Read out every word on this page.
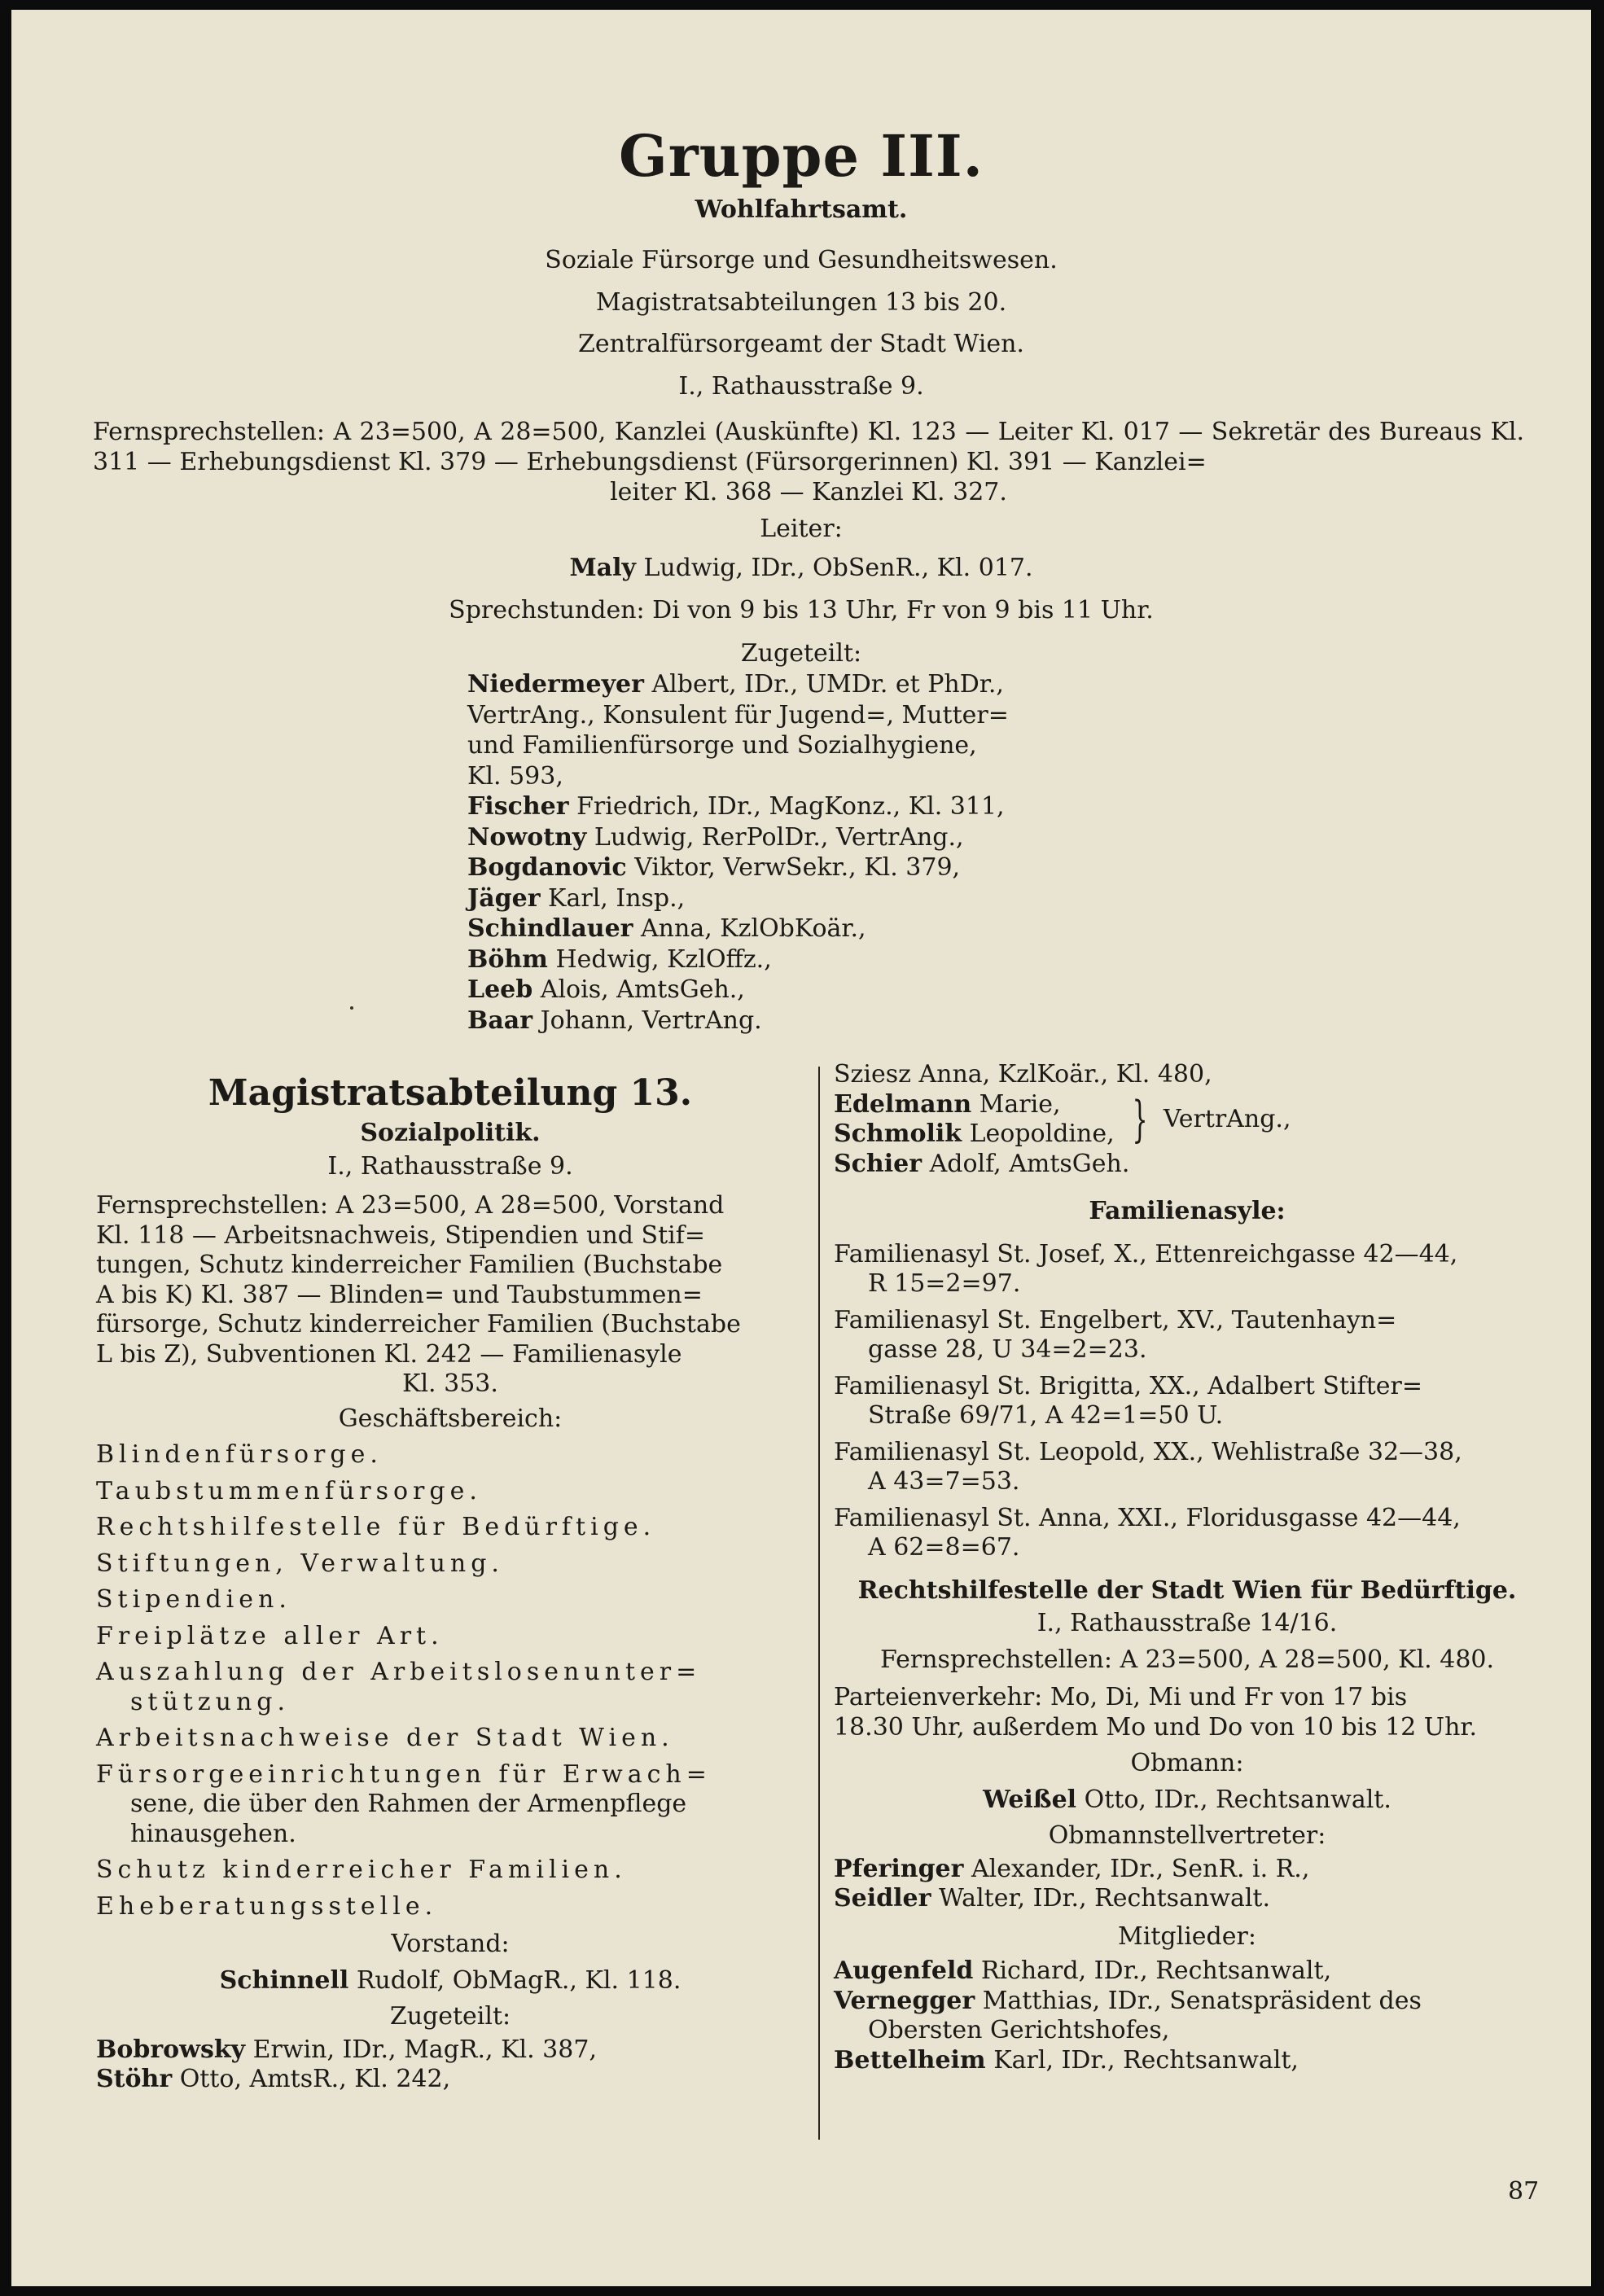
Gruppe III.
Wohlfahrtsamt.
Soziale Fürsorge und Gesundheitswesen.
Magistratsabteilungen 13 bis 20.
Zentralfürsorgeamt der Stadt Wien.
I., Rathausstraße 9.
Fernsprechstellen: A 23=500, A 28=500, Kanzlei (Auskünfte) Kl. 123 — Leiter Kl. 017 — Sekretär des Bureaus Kl. 311 — Erhebungsdienst Kl. 379 — Erhebungsdienst (Fürsorgerinnen) Kl. 391 — Kanzlei=
leiter Kl. 368 — Kanzlei Kl. 327.
Leiter:
Maly Ludwig, IDr., ObSenR., Kl. 017.
Sprechstunden: Di von 9 bis 13 Uhr, Fr von 9 bis 11 Uhr.
Zugeteilt:
Niedermeyer Albert, IDr., UMDr. et PhDr.,
VertrAng., Konsulent für Jugend=, Mutter=
und Familienfürsorge und Sozialhygiene,
Kl. 593,
Fischer Friedrich, IDr., MagKonz., Kl. 311,
Nowotny Ludwig, RerPolDr., VertrAng.,
Bogdanovic Viktor, VerwSekr., Kl. 379,
Jäger Karl, Insp.,
Schindlauer Anna, KzlObKoär.,
Böhm Hedwig, KzlOffz.,
Leeb Alois, AmtsGeh.,
Baar Johann, VertrAng.
Magistratsabteilung 13.
Sozialpolitik.
I., Rathausstraße 9.
Fernsprechstellen: A 23=500, A 28=500, Vorstand
Kl. 118 — Arbeitsnachweis, Stipendien und Stif=
tungen, Schutz kinderreicher Familien (Buchstabe
A bis K) Kl. 387 — Blinden= und Taubstummen=
fürsorge, Schutz kinderreicher Familien (Buchstabe
L bis Z), Subventionen Kl. 242 — Familienasyle
Kl. 353.
Geschäftsbereich:
Blindenfürsorge.
Taubstummenfürsorge.
Rechtshilfestelle für Bedürftige.
Stiftungen, Verwaltung.
Stipendien.
Freiplätze aller Art.
Auszahlung der Arbeitslosenunter=
stützung.
Arbeitsnachweise der Stadt Wien.
Fürsorgeeinrichtungen für Erwach=
sene, die über den Rahmen der Armenpflege
hinausgehen.
Schutz kinderreicher Familien.
Eheberatungsstelle.
Vorstand:
Schinnell Rudolf, ObMagR., Kl. 118.
Zugeteilt:
Bobrowsky Erwin, IDr., MagR., Kl. 387,
Stöhr Otto, AmtsR., Kl. 242,
Sziesz Anna, KzlKoär., Kl. 480,
Edelmann Marie,
Schmolik Leopoldine, } VertrAng.,
Schier Adolf, AmtsGeh.
Familienasyle:
Familienasyl St. Josef, X., Ettenreichgasse 42—44,
R 15=2=97.
Familienasyl St. Engelbert, XV., Tautenhayn=
gasse 28, U 34=2=23.
Familienasyl St. Brigitta, XX., Adalbert Stifter=
Straße 69/71, A 42=1=50 U.
Familienasyl St. Leopold, XX., Wehlistraße 32—38,
A 43=7=53.
Familienasyl St. Anna, XXI., Floridusgasse 42—44,
A 62=8=67.
Rechtshilfestelle der Stadt Wien für Bedürftige.
I., Rathausstraße 14/16.
Fernsprechstellen: A 23=500, A 28=500, Kl. 480.
Parteienverkehr: Mo, Di, Mi und Fr von 17 bis
18.30 Uhr, außerdem Mo und Do von 10 bis 12 Uhr.
Obmann:
Weißel Otto, IDr., Rechtsanwalt.
Obmannstellvertreter:
Pferinger Alexander, IDr., SenR. i. R.,
Seidler Walter, IDr., Rechtsanwalt.
Mitglieder:
Augenfeld Richard, IDr., Rechtsanwalt,
Vernegger Matthias, IDr., Senatspräsident des
Obersten Gerichtshofes,
Bettelheim Karl, IDr., Rechtsanwalt,
87
